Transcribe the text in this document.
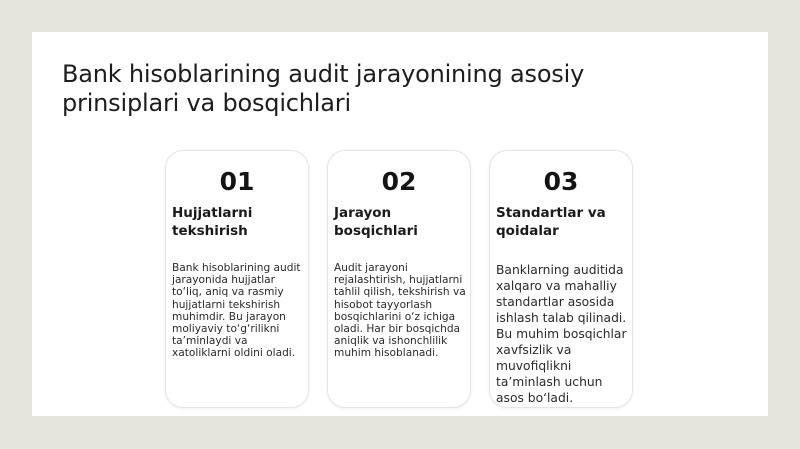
Bank hisoblarining audit jarayonining asosiy prinsiplari va bosqichlari
01
Hujjatlarni tekshirish
Bank hisoblarining audit jarayonida hujjatlar to‘liq, aniq va rasmiy hujjatlarni tekshirish muhimdir. Bu jarayon moliyaviy to‘g‘rilikni ta’minlaydi va xatoliklarni oldini oladi.
02
Jarayon bosqichlari
Audit jarayoni rejalashtirish, hujjatlarni tahlil qilish, tekshirish va hisobot tayyorlash bosqichlarini o‘z ichiga oladi. Har bir bosqichda aniqlik va ishonchlilik muhim hisoblanadi.
03
Standartlar va qoidalar
Banklarning auditida xalqaro va mahalliy standartlar asosida ishlash talab qilinadi. Bu muhim bosqichlar xavfsizlik va muvofiqlikni ta’minlash uchun asos bo‘ladi.
